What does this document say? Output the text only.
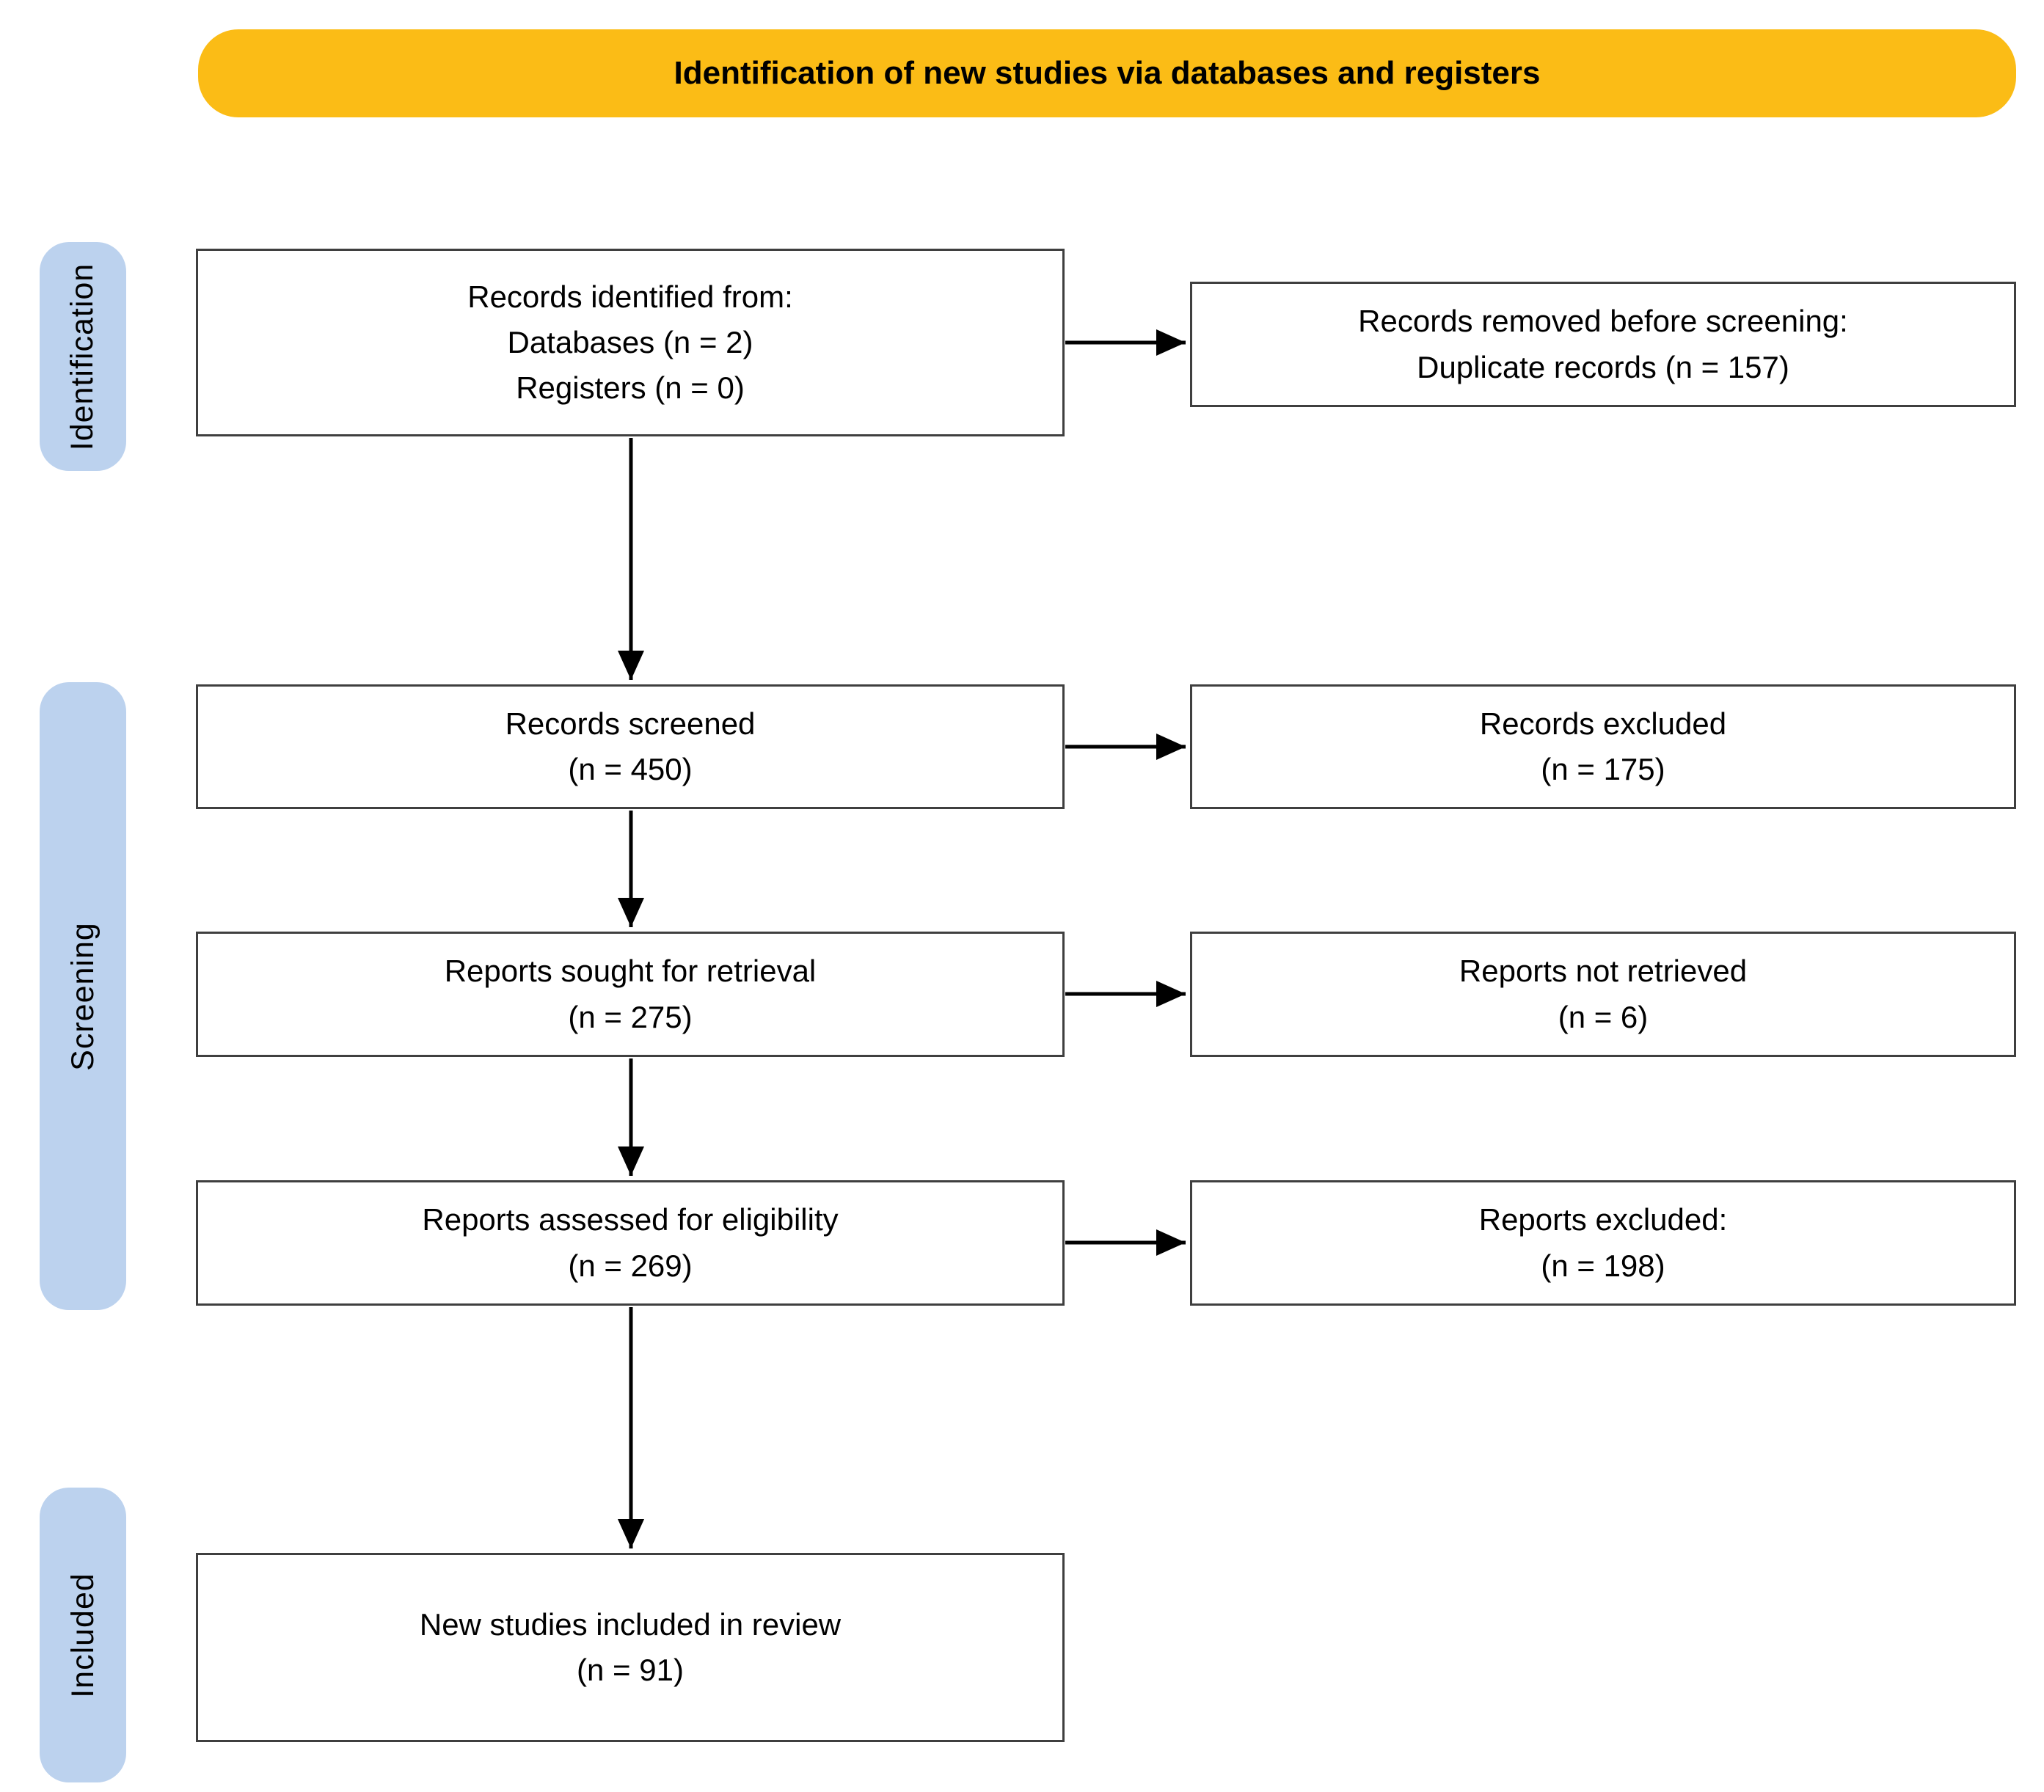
Identification of new studies via databases and registers
Identification
Screening
Included
Records identified from:
Databases (n = 2)
Registers (n = 0)
Records screened
(n = 450)
Reports sought for retrieval
(n = 275)
Reports assessed for eligibility
(n = 269)
New studies included in review
(n = 91)
Records removed before screening:
Duplicate records (n = 157)
Records excluded
(n = 175)
Reports not retrieved
(n = 6)
Reports excluded:
(n = 198)
